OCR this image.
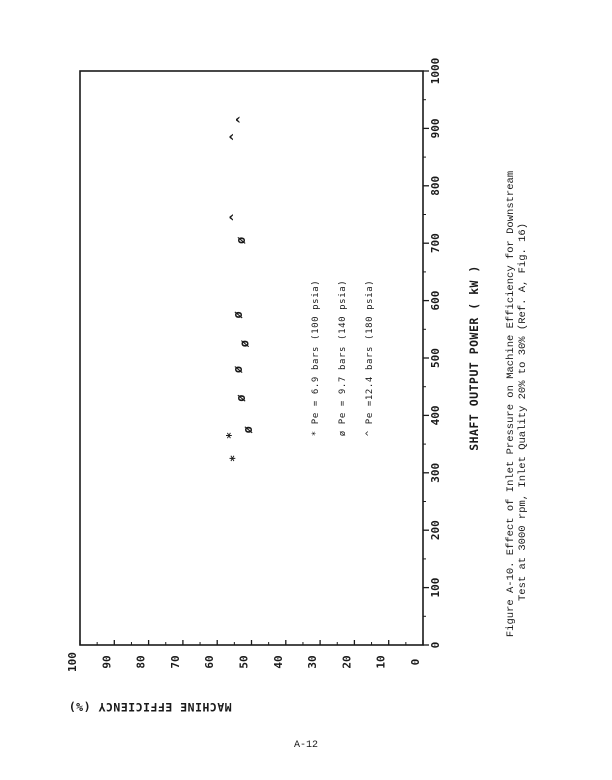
0
100
200
300
400
500
600
700
800
900
1000
0
10
20
30
40
50
60
70
80
90
100
SHAFT OUTPUT POWER ( kW )
MACHINE EFFICIENCY (%)
* Pe = 6.9 bars (100 psia) ø Pe = 9.7 bars (140 psia) ^ Pe =12.4 bars (180 psia)
*
*
ø
ø
ø
ø
ø
ø
^
^
^
Figure A-10. Effect of Inlet Pressure on Machine Efficiency for Downstream Test at 3000 rpm, Inlet Quality 20% to 30% (Ref. A, Fig. 16)
A-12
